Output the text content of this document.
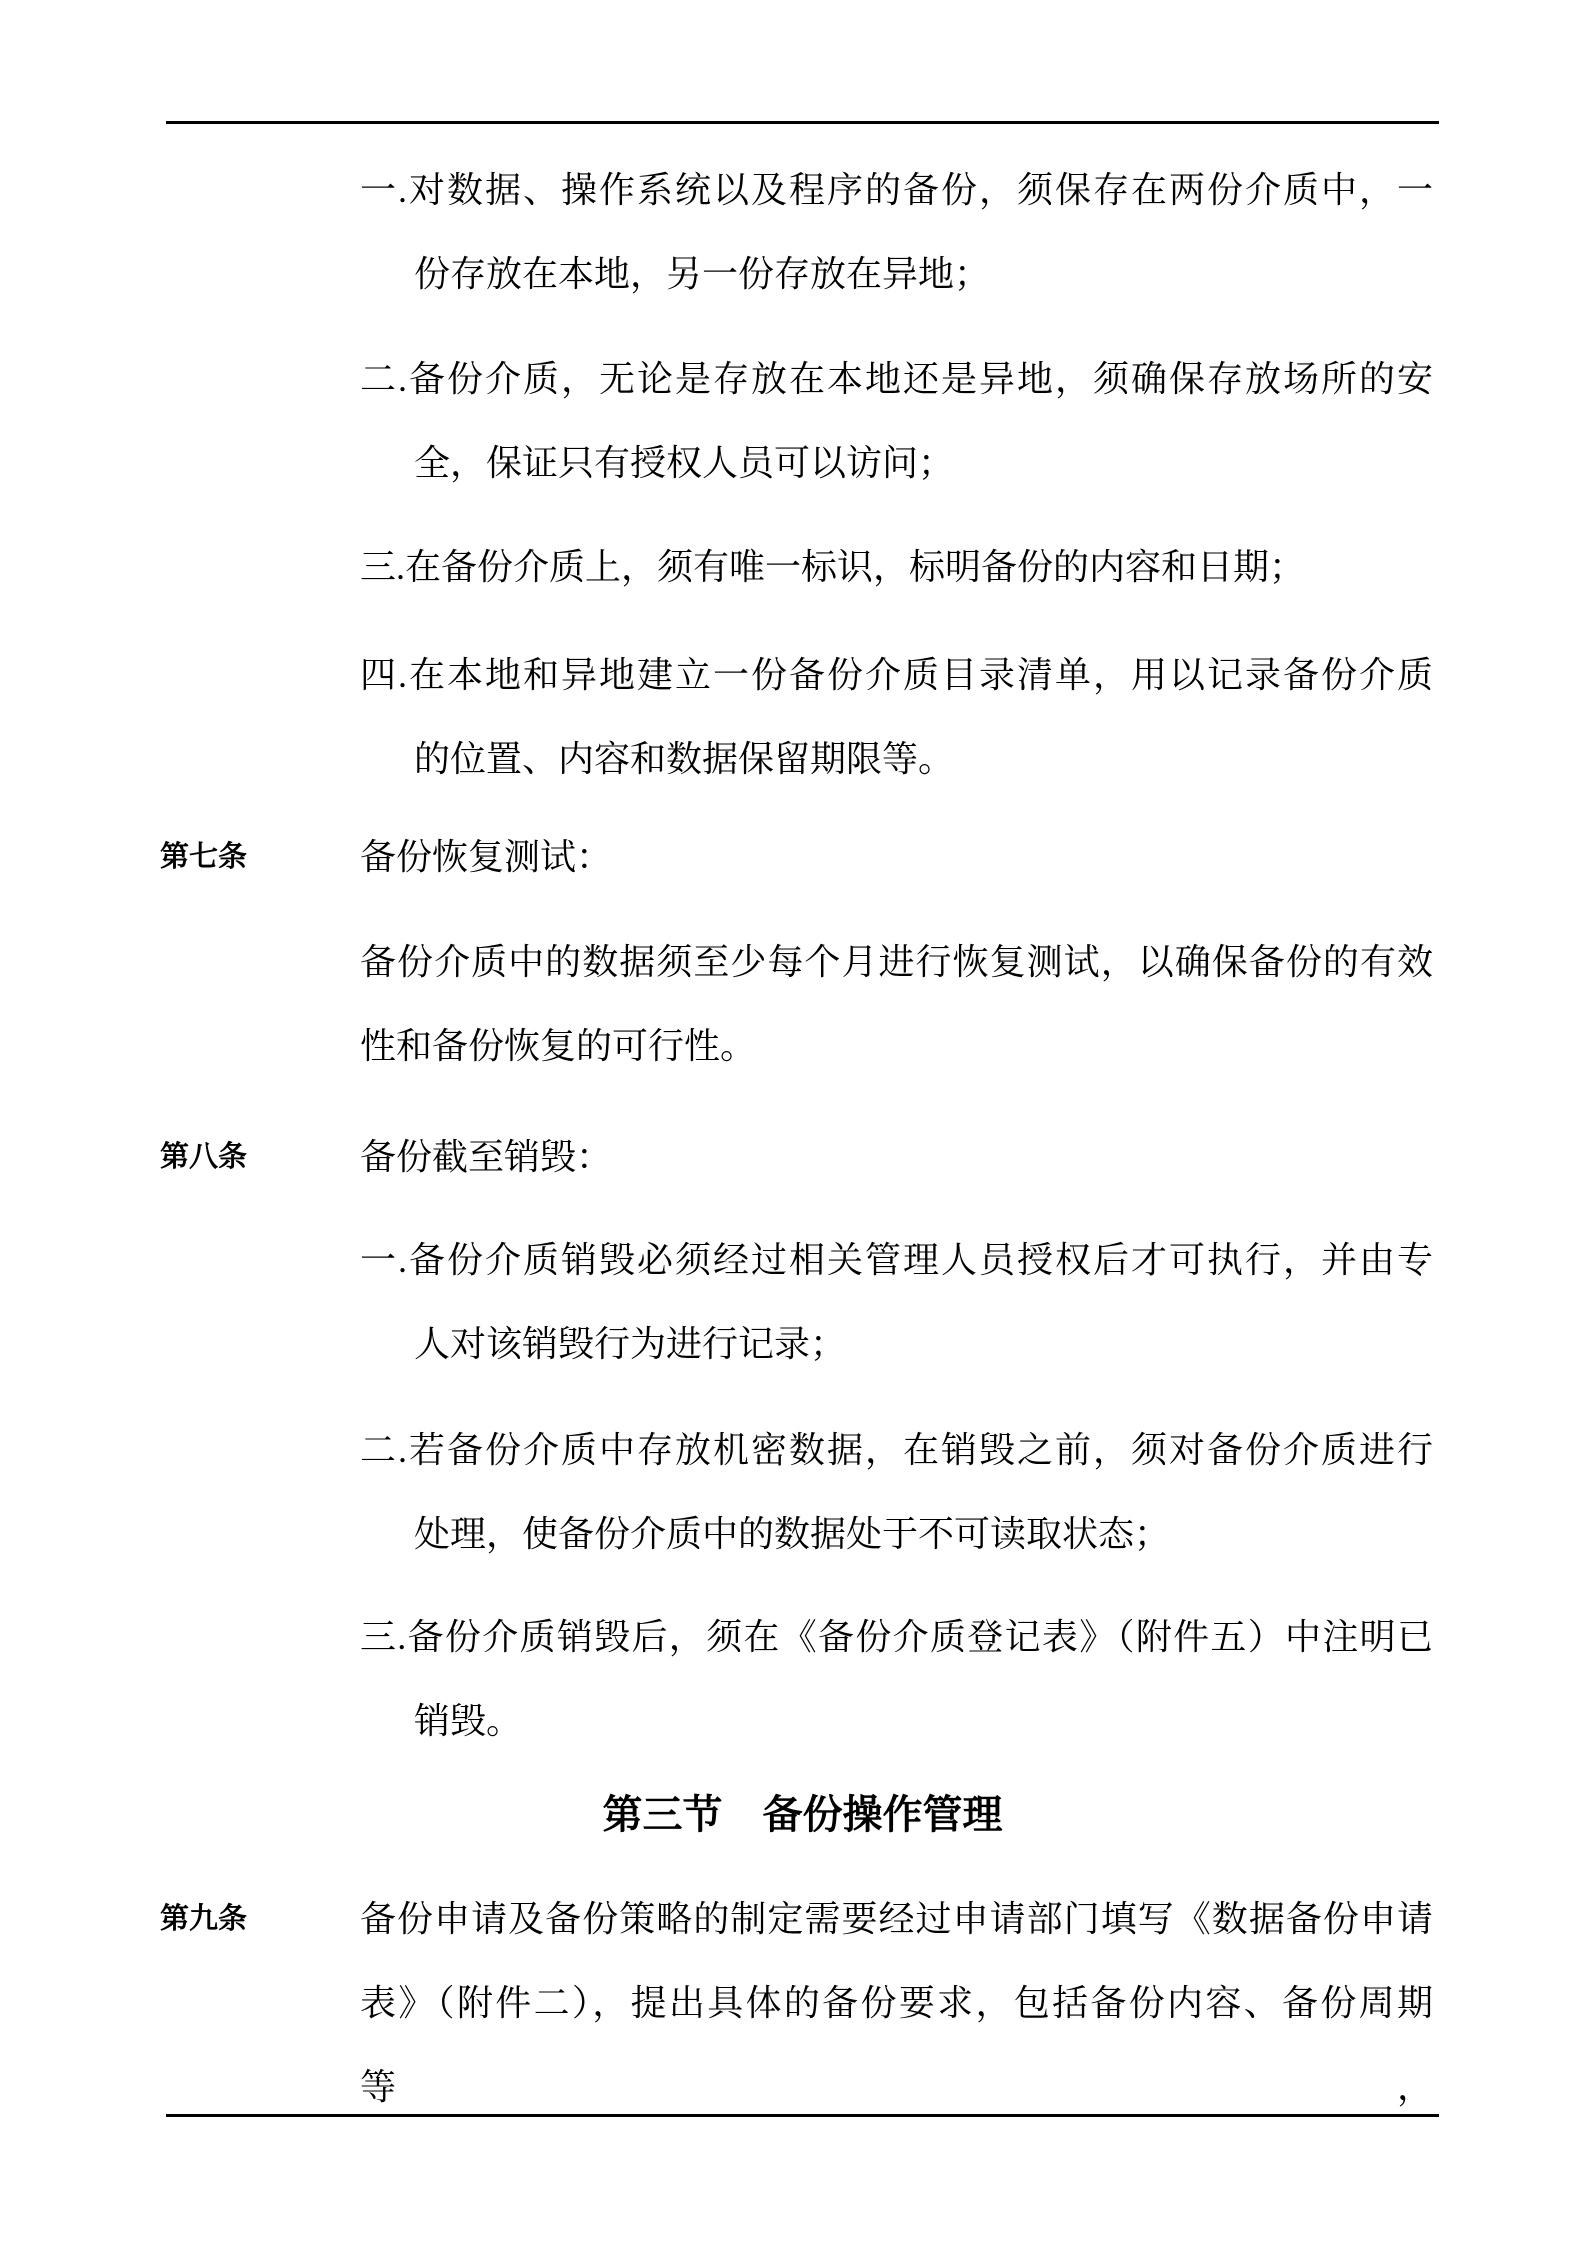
一.对数据、操作系统以及程序的备份，须保存在两份介质中，一
份存放在本地，另一份存放在异地；
二.备份介质，无论是存放在本地还是异地，须确保存放场所的安
全，保证只有授权人员可以访问；
三.在备份介质上，须有唯一标识，标明备份的内容和日期；
四.在本地和异地建立一份备份介质目录清单，用以记录备份介质
的位置、内容和数据保留期限等。
第七条	备份恢复测试：
备份介质中的数据须至少每个月进行恢复测试，以确保备份的有效
性和备份恢复的可行性。
第八条	备份截至销毁：
一.备份介质销毁必须经过相关管理人员授权后才可执行，并由专
人对该销毁行为进行记录；
二.若备份介质中存放机密数据，在销毁之前，须对备份介质进行
处理，使备份介质中的数据处于不可读取状态；
三.备份介质销毁后，须在《备份介质登记表》（附件五）中注明已
销毁。
第三节　备份操作管理
第九条	备份申请及备份策略的制定需要经过申请部门填写《数据备份申请
表》（附件二），提出具体的备份要求，包括备份内容、备份周期等，
